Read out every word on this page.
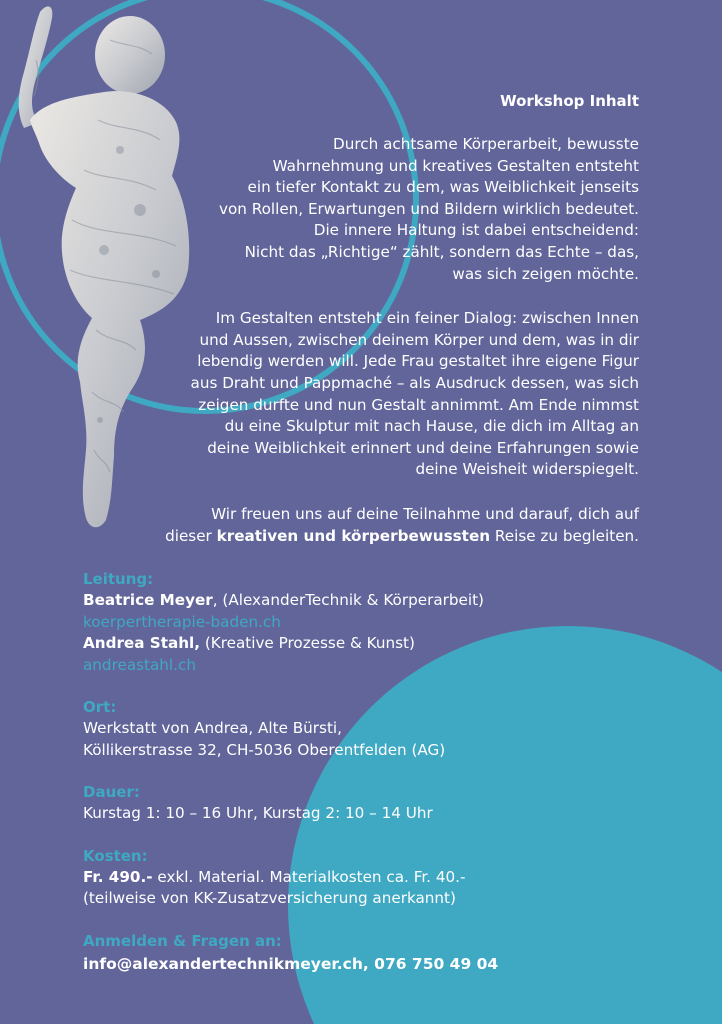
Workshop Inhalt

Durch achtsame Körperarbeit, bewusste
Wahrnehmung und kreatives Gestalten entsteht
ein tiefer Kontakt zu dem, was Weiblichkeit jenseits
von Rollen, Erwartungen und Bildern wirklich bedeutet.
Die innere Haltung ist dabei entscheidend:
Nicht das „Richtige“ zählt, sondern das Echte – das,
was sich zeigen möchte.

Im Gestalten entsteht ein feiner Dialog: zwischen Innen
und Aussen, zwischen deinem Körper und dem, was in dir
lebendig werden will. Jede Frau gestaltet ihre eigene Figur
aus Draht und Pappmaché – als Ausdruck dessen, was sich
zeigen durfte und nun Gestalt annimmt. Am Ende nimmst
du eine Skulptur mit nach Hause, die dich im Alltag an
deine Weiblichkeit erinnert und deine Erfahrungen sowie
deine Weisheit widerspiegelt.

Wir freuen uns auf deine Teilnahme und darauf, dich auf
dieser kreativen und körperbewussten Reise zu begleiten.

Leitung:
Beatrice Meyer, (AlexanderTechnik & Körperarbeit)
koerpertherapie-baden.ch
Andrea Stahl, (Kreative Prozesse & Kunst)
andreastahl.ch
Ort:
Werkstatt von Andrea, Alte Bürsti,
Köllikerstrasse 32, CH-5036 Oberentfelden (AG)
Dauer:
Kurstag 1: 10 – 16 Uhr, Kurstag 2: 10 – 14 Uhr
Kosten:
Fr. 490.- exkl. Material. Materialkosten ca. Fr. 40.-
(teilweise von KK-Zusatzversicherung anerkannt)
Anmelden & Fragen an:
info@alexandertechnikmeyer.ch, 076 750 49 04
